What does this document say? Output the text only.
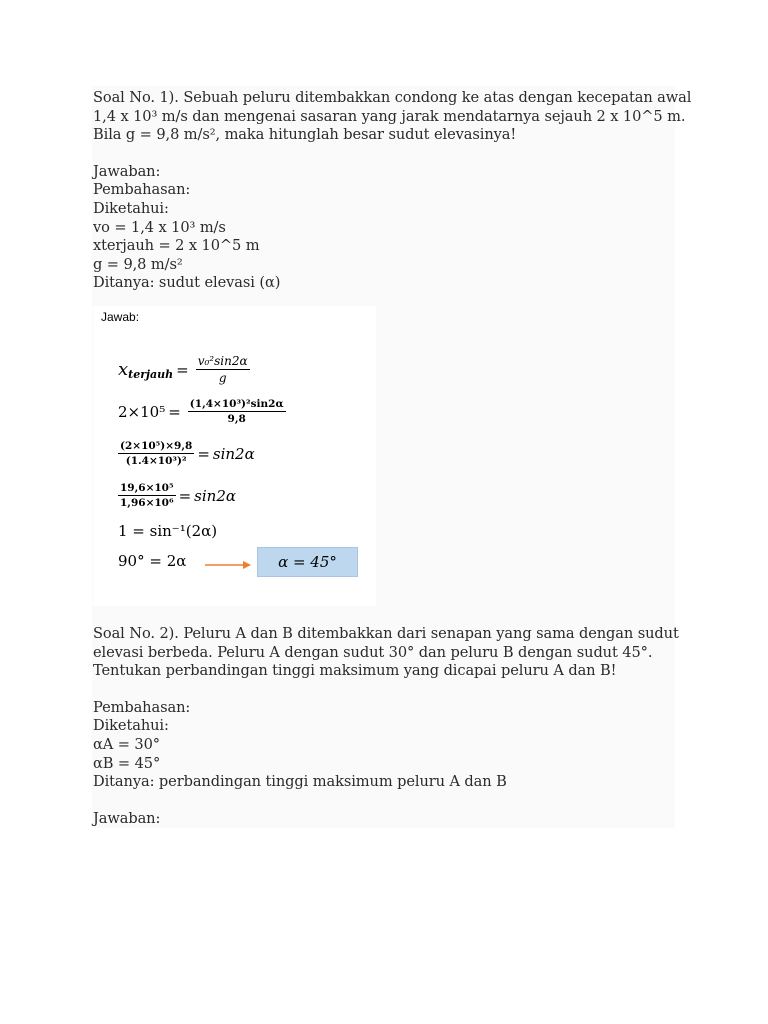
Soal No. 1). Sebuah peluru ditembakkan condong ke atas dengan kecepatan awal

1,4 x 10³ m/s dan mengenai sasaran yang jarak mendatarnya sejauh 2 x 10^5 m.

Bila g = 9,8 m/s², maka hitunglah besar sudut elevasinya!

Jawaban:

Pembahasan:

Diketahui:

vo = 1,4 x 10³ m/s

xterjauh = 2 x 10^5 m

g = 9,8 m/s²

Ditanya: sudut elevasi (α)

Jawab:
$x_{terjauh} = \frac{\text{v₀²sin2α}}{g}$
$2\times 10^5 = \frac{\text{(1,4×10³)²sin2α}}{9,8}$
$\frac{\text{(2×10⁵)×9,8}}{\text{(1.4×10³)²}} = \sin 2\alpha$
$\frac{\text{19,6×10⁵}}{\text{1,96×10⁶}} = \sin 2\alpha$
1 = sin⁻¹(2α)
90° = 2α	α = 45°

Soal No. 2). Peluru A dan B ditembakkan dari senapan yang sama dengan sudut

elevasi berbeda. Peluru A dengan sudut 30° dan peluru B dengan sudut 45°.

Tentukan perbandingan tinggi maksimum yang dicapai peluru A dan B!

Pembahasan:

Diketahui:

αA = 30°

αB = 45°

Ditanya: perbandingan tinggi maksimum peluru A dan B

Jawaban:
